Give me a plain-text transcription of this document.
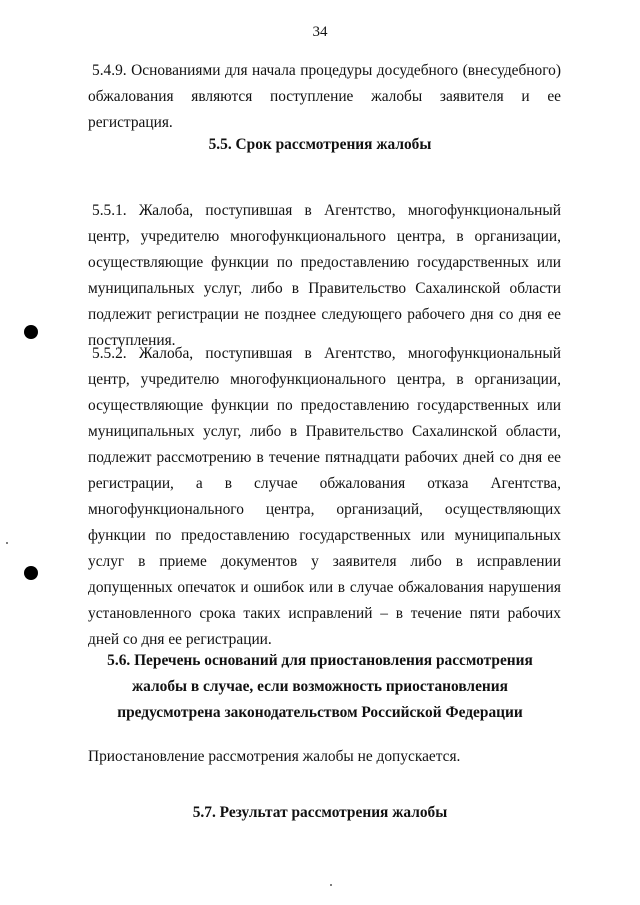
34

5.4.9. Основаниями для начала процедуры досудебного (внесудебного) обжалования являются поступление жалобы заявителя и ее регистрация.

5.5. Срок рассмотрения жалобы

5.5.1. Жалоба, поступившая в Агентство, многофункциональный центр, учредителю многофункционального центра, в организации, осуществляющие функции по предоставлению государственных или муниципальных услуг, либо в Правительство Сахалинской области подлежит регистрации не позднее следующего рабочего дня со дня ее поступления.

5.5.2. Жалоба, поступившая в Агентство, многофункциональный центр, учредителю многофункционального центра, в организации, осуществляющие функции по предоставлению государственных или муниципальных услуг, либо в Правительство Сахалинской области, подлежит рассмотрению в течение пятнадцати рабочих дней со дня ее регистрации, а в случае обжалования отказа Агентства, многофункционального центра, организаций, осуществляющих функции по предоставлению государственных или муниципальных услуг в приеме документов у заявителя либо в исправлении допущенных опечаток и ошибок или в случае обжалования нарушения установленного срока таких исправлений – в течение пяти рабочих дней со дня ее регистрации.

5.6. Перечень оснований для приостановления рассмотрения
жалобы в случае, если возможность приостановления
предусмотрена законодательством Российской Федерации

Приостановление рассмотрения жалобы не допускается.

5.7. Результат рассмотрения жалобы
